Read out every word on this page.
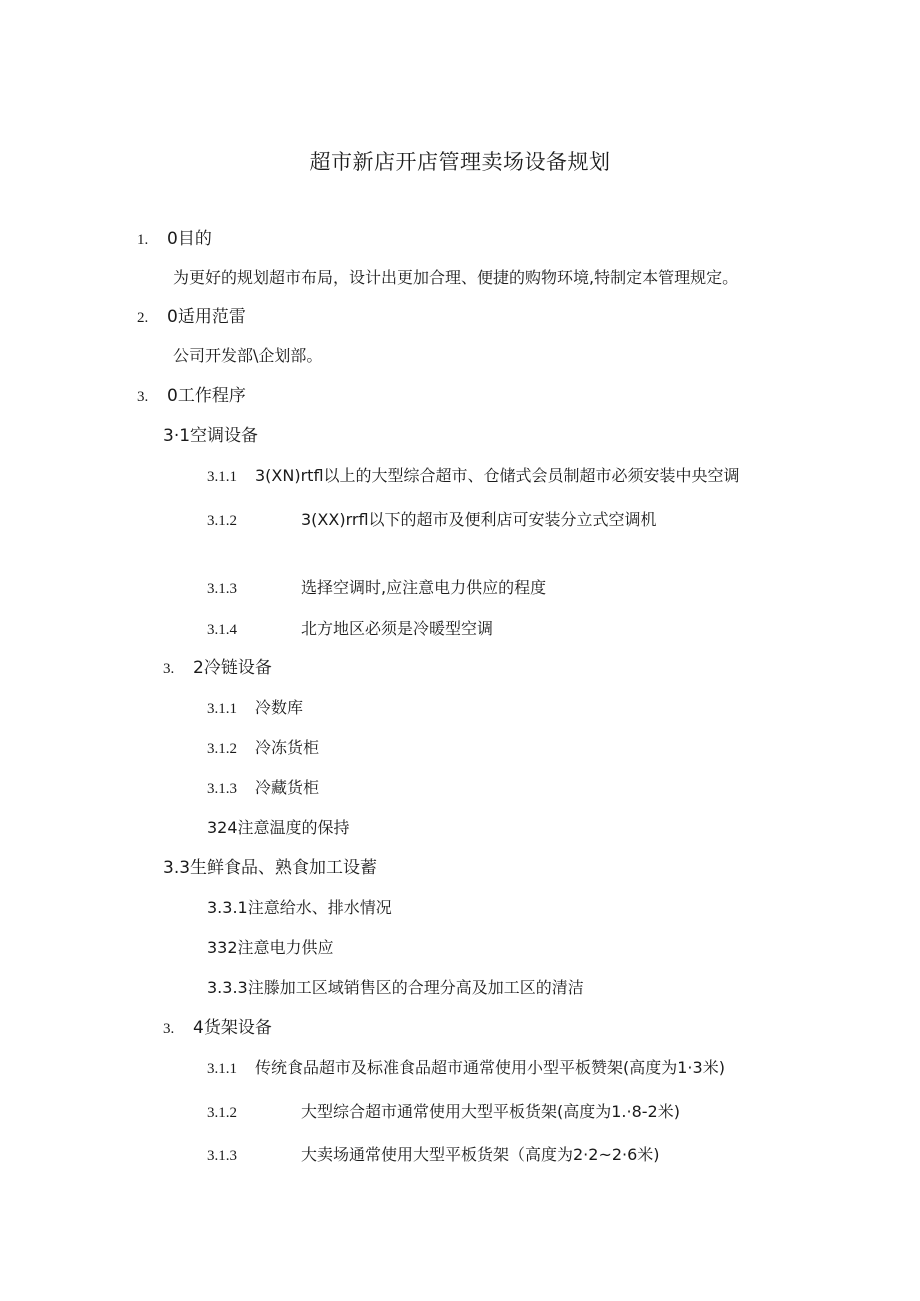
超市新店开店管理卖场设备规划
1. 0目的
为更好的规划超市布局，设计出更加合理、便捷的购物环境,特制定本管理规定。
2. 0适用范雷
公司开发部\企划部。
3. 0工作程序
3·1空调设备
3.1.1 3(XN)rtfl以上的大型综合超市、仓储式会员制超市必须安装中央空调
3.1.2	3(XX)rrfl以下的超市及便利店可安装分立式空调机
3.1.3	选择空调时,应注意电力供应的程度
3.1.4	北方地区必须是冷暖型空调
3. 2冷链设备
3.1.1 冷数库
3.1.2 冷冻货柜
3.1.3 冷藏货柜
324注意温度的保持
3.3生鲜食品、熟食加工设蓄
3.3.1注意给水、排水情况
332注意电力供应
3.3.3注滕加工区域销售区的合理分高及加工区的清洁
3. 4货架设备
3.1.1 传统食品超市及标准食品超市通常使用小型平板赞架(高度为1·3米)
3.1.2	大型综合超市通常使用大型平板货架(高度为1.·8-2米)
3.1.3	大卖场通常使用大型平板货架（高度为2·2~2·6米)
